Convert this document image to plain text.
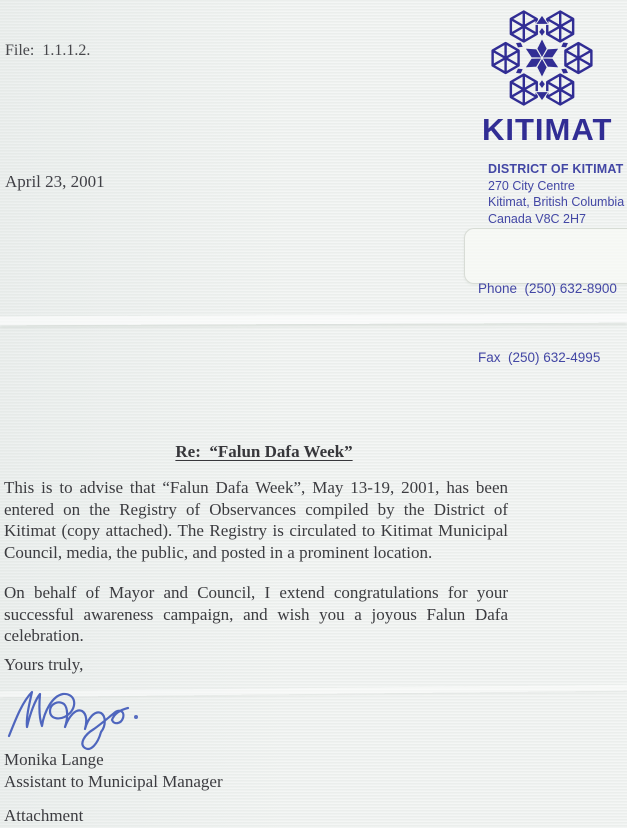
File:  1.1.1.2.
April 23, 2001
KITIMAT
DISTRICT OF KITIMAT
270 City Centre
Kitimat, British Columbia
Canada V8C 2H7

Phone  (250) 632-8900

Fax  (250) 632-4995

Re:  “Falun Dafa Week”
This is to advise that “Falun Dafa Week”, May 13-19, 2001, has been entered on the Registry of Observances compiled by the District of Kitimat (copy attached). The Registry is circulated to Kitimat Municipal Council, media, the public, and posted in a prominent location.
On behalf of Mayor and Council, I extend congratulations for your successful awareness campaign, and wish you a joyous Falun Dafa celebration.
Yours truly,
Monika Lange
Assistant to Municipal Manager
Attachment
